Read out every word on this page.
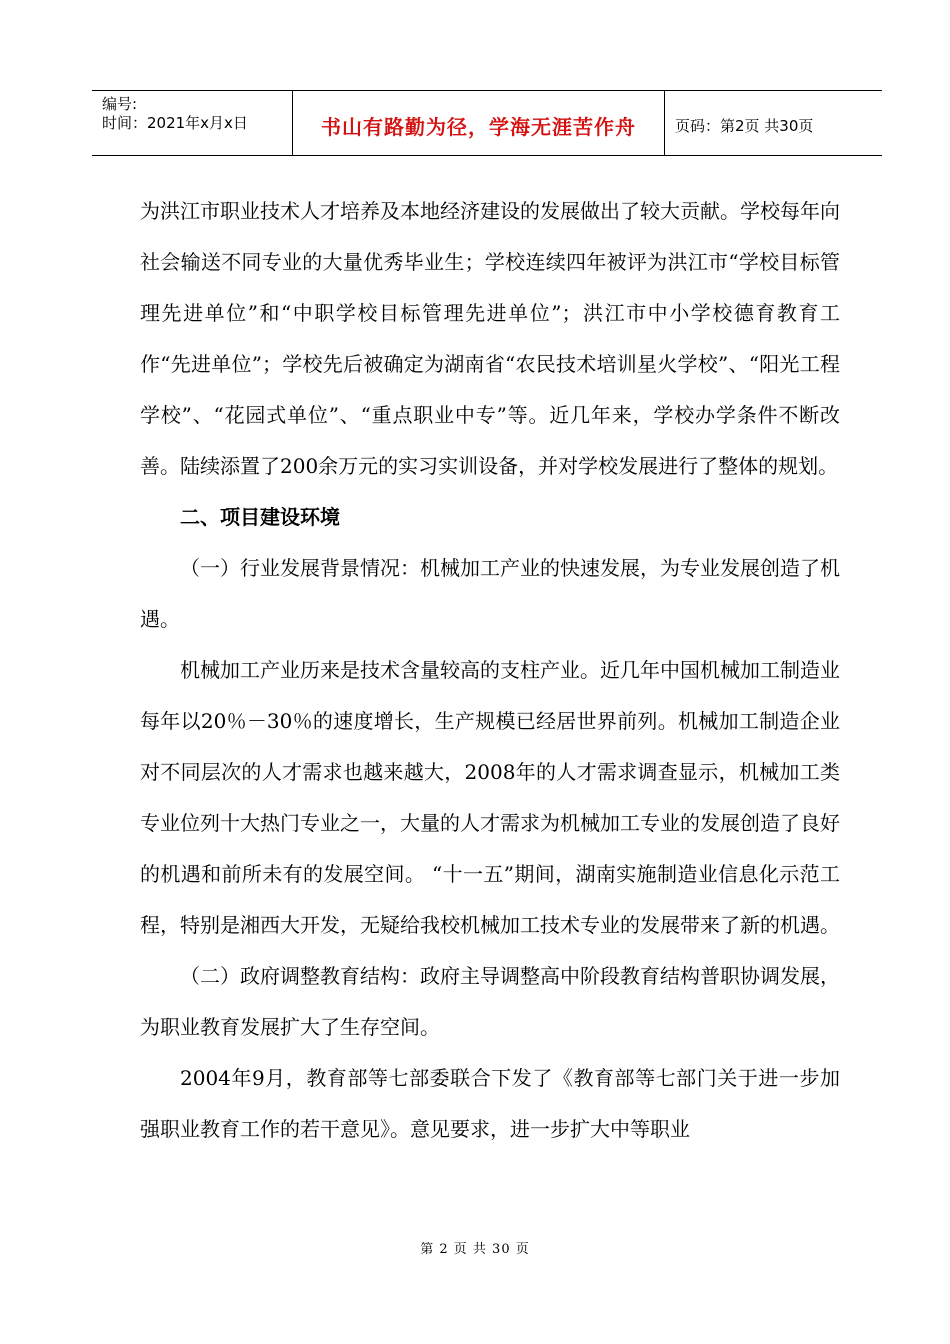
编号:
时间：2021年x月x日	书山有路勤为径，学海无涯苦作舟	页码：第2页 共30页

为洪江市职业技术人才培养及本地经济建设的发展做出了较大贡献。学校每年向社会输送不同专业的大量优秀毕业生；学校连续四年被评为洪江市“学校目标管理先进单位”和“中职学校目标管理先进单位”；洪江市中小学校德育教育工作“先进单位”；学校先后被确定为湖南省“农民技术培训星火学校”、“阳光工程学校”、“花园式单位”、“重点职业中专”等。近几年来，学校办学条件不断改善。陆续添置了200余万元的实习实训设备，并对学校发展进行了整体的规划。

二、项目建设环境

（一）行业发展背景情况：机械加工产业的快速发展，为专业发展创造了机遇。

机械加工产业历来是技术含量较高的支柱产业。近几年中国机械加工制造业每年以20％－30％的速度增长，生产规模已经居世界前列。机械加工制造企业对不同层次的人才需求也越来越大，2008年的人才需求调查显示，机械加工类专业位列十大热门专业之一，大量的人才需求为机械加工专业的发展创造了良好的机遇和前所未有的发展空间。 “十一五”期间，湖南实施制造业信息化示范工程，特别是湘西大开发，无疑给我校机械加工技术专业的发展带来了新的机遇。

（二）政府调整教育结构：政府主导调整高中阶段教育结构普职协调发展，为职业教育发展扩大了生存空间。

2004年9月，教育部等七部委联合下发了《教育部等七部门关于进一步加强职业教育工作的若干意见》。意见要求，进一步扩大中等职业

第 2 页 共 30 页
